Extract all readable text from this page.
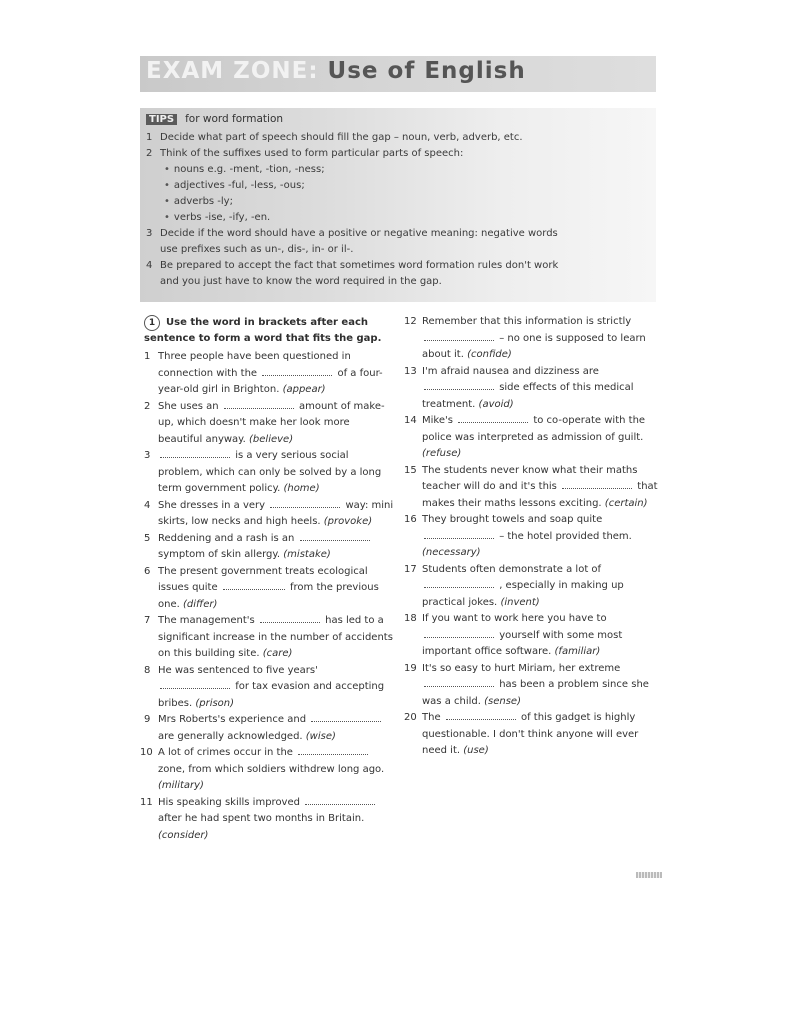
EXAM ZONE: Use of English
TIPS for word formation
1 Decide what part of speech should fill the gap – noun, verb, adverb, etc.
2 Think of the suffixes used to form particular parts of speech:
• nouns e.g. -ment, -tion, -ness;
• adjectives -ful, -less, -ous;
• adverbs -ly;
• verbs -ise, -ify, -en.
3 Decide if the word should have a positive or negative meaning: negative words
use prefixes such as un-, dis-, in- or il-.
4 Be prepared to accept the fact that sometimes word formation rules don't work
and you just have to know the word required in the gap.
1 Use the word in brackets after each sentence to form a word that fits the gap.
1 Three people have been questioned in connection with the	of a four-year-old girl in Brighton. (appear)
2 She uses an	amount of make-up, which doesn't make her look more beautiful anyway. (believe)
3	is a very serious social problem, which can only be solved by a long term government policy. (home)
4 She dresses in a very	way: mini skirts, low necks and high heels. (provoke)
5 Reddening and a rash is an  symptom of skin allergy. (mistake)
6 The present government treats ecological issues quite	from the previous one. (differ)
7 The management's	has led to a significant increase in the number of accidents on this building site. (care)
8 He was sentenced to five years'  for tax evasion and accepting bribes. (prison)
9 Mrs Roberts's experience and  are generally acknowledged. (wise)
10 A lot of crimes occur in the  zone, from which soldiers withdrew long ago. (military)
11 His speaking skills improved  after he had spent two months in Britain. (consider)
12 Remember that this information is strictly  – no one is supposed to learn about it. (confide)
13 I'm afraid nausea and dizziness are  side effects of this medical treatment. (avoid)
14 Mike's	to co-operate with the police was interpreted as admission of guilt. (refuse)
15 The students never know what their maths teacher will do and it's this	that makes their maths lessons exciting. (certain)
16 They brought towels and soap quite  – the hotel provided them. (necessary)
17 Students often demonstrate a lot of  , especially in making up practical jokes. (invent)
18 If you want to work here you have to  yourself with some most important office software. (familiar)
19 It's so easy to hurt Miriam, her extreme  has been a problem since she was a child. (sense)
20 The	of this gadget is highly questionable. I don't think anyone will ever need it. (use)
